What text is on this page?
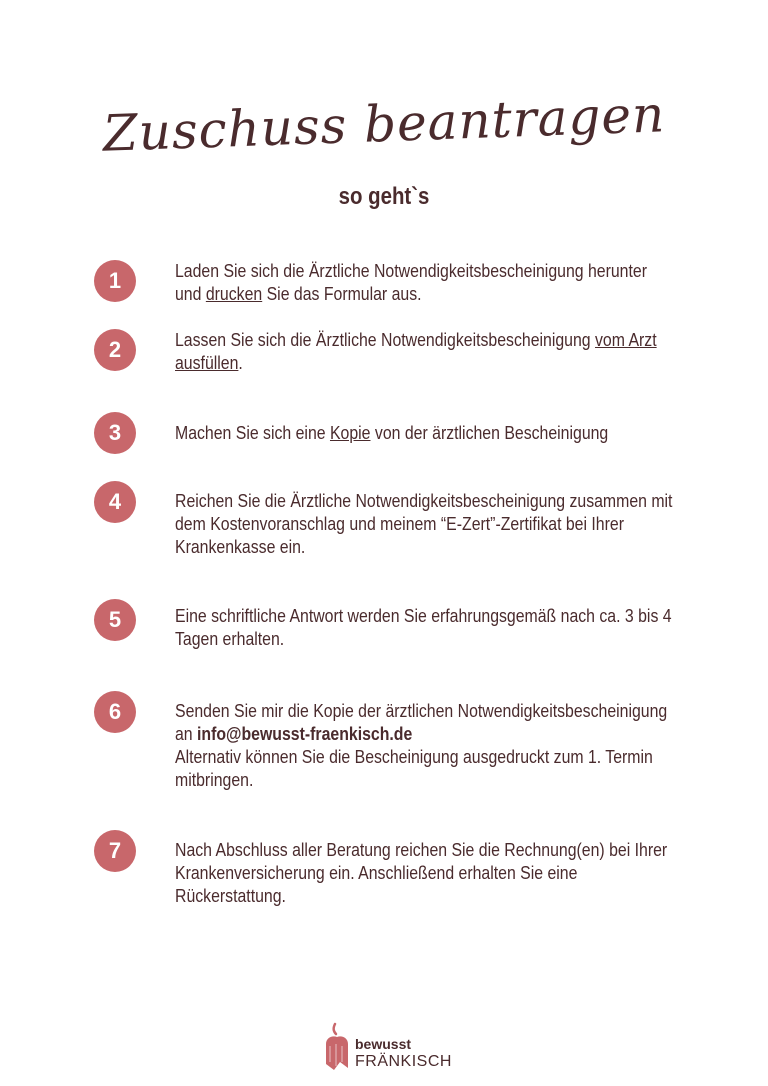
Zuschuss beantragen
so geht`s
1	Laden Sie sich die Ärztliche Notwendigkeitsbescheinigung herunter
und drucken Sie das Formular aus.
2	Lassen Sie sich die Ärztliche Notwendigkeitsbescheinigung vom Arzt
ausfüllen.
3	Machen Sie sich eine Kopie von der ärztlichen Bescheinigung
4	Reichen Sie die Ärztliche Notwendigkeitsbescheinigung zusammen mit
dem Kostenvoranschlag und meinem “E-Zert”-Zertifikat bei Ihrer
Krankenkasse ein.
5	Eine schriftliche Antwort werden Sie erfahrungsgemäß nach ca. 3 bis 4
Tagen erhalten.
6	Senden Sie mir die Kopie der ärztlichen Notwendigkeitsbescheinigung
an info@bewusst-fraenkisch.de
Alternativ können Sie die Bescheinigung ausgedruckt zum 1. Termin
mitbringen.
7	Nach Abschluss aller Beratung reichen Sie die Rechnung(en) bei Ihrer
Krankenversicherung ein. Anschließend erhalten Sie eine
Rückerstattung.
bewusst
FRÄNKISCH
